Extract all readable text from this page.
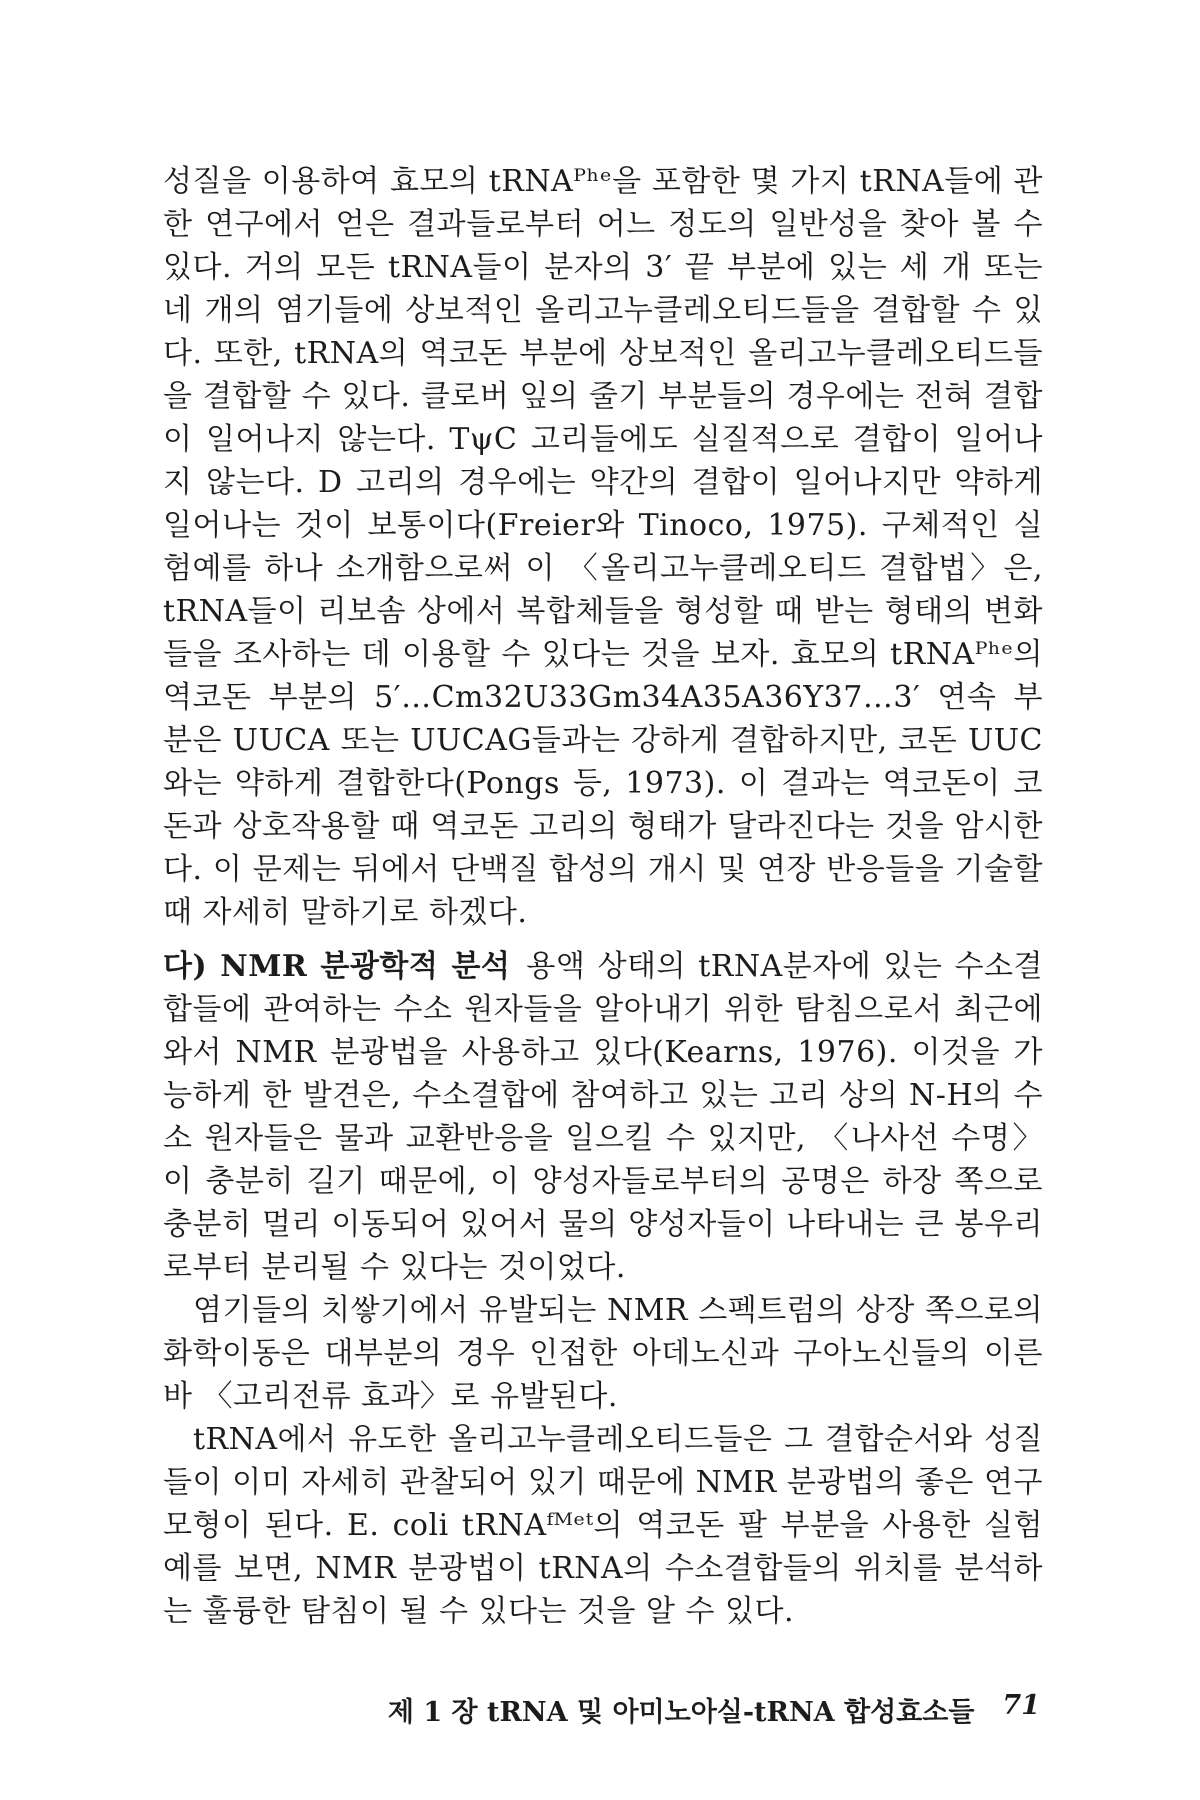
성질을 이용하여 효모의 tRNAᴾʰᵉ을 포함한 몇 가지 tRNA들에 관한 연구에서 얻은 결과들로부터 어느 정도의 일반성을 찾아 볼 수 있다. 거의 모든 tRNA들이 분자의 3′ 끝 부분에 있는 세 개 또는 네 개의 염기들에 상보적인 올리고누클레오티드들을 결합할 수 있다. 또한, tRNA의 역코돈 부분에 상보적인 올리고누클레오티드들을 결합할 수 있다. 클로버 잎의 줄기 부분들의 경우에는 전혀 결합이 일어나지 않는다. TψC 고리들에도 실질적으로 결합이 일어나지 않는다. D 고리의 경우에는 약간의 결합이 일어나지만 약하게 일어나는 것이 보통이다(Freier와 Tinoco, 1975). 구체적인 실험예를 하나 소개함으로써 이 〈올리고누클레오티드 결합법〉은, tRNA들이 리보솜 상에서 복합체들을 형성할 때 받는 형태의 변화들을 조사하는 데 이용할 수 있다는 것을 보자. 효모의 tRNAᴾʰᵉ의 역코돈 부분의 5′…Cm32U33Gm34A35A36Y37…3′ 연속 부분은 UUCA 또는 UUCAG들과는 강하게 결합하지만, 코돈 UUC와는 약하게 결합한다(Pongs 등, 1973). 이 결과는 역코돈이 코돈과 상호작용할 때 역코돈 고리의 형태가 달라진다는 것을 암시한다. 이 문제는 뒤에서 단백질 합성의 개시 및 연장 반응들을 기술할 때 자세히 말하기로 하겠다.

다) NMR 분광학적 분석 용액 상태의 tRNA분자에 있는 수소결합들에 관여하는 수소 원자들을 알아내기 위한 탐침으로서 최근에 와서 NMR 분광법을 사용하고 있다(Kearns, 1976). 이것을 가능하게 한 발견은, 수소결합에 참여하고 있는 고리 상의 N-H의 수소 원자들은 물과 교환반응을 일으킬 수 있지만, 〈나사선 수명〉이 충분히 길기 때문에, 이 양성자들로부터의 공명은 하장 쪽으로 충분히 멀리 이동되어 있어서 물의 양성자들이 나타내는 큰 봉우리로부터 분리될 수 있다는 것이었다.

염기들의 치쌓기에서 유발되는 NMR 스펙트럼의 상장 쪽으로의 화학이동은 대부분의 경우 인접한 아데노신과 구아노신들의 이른바 〈고리전류 효과〉로 유발된다.

tRNA에서 유도한 올리고누클레오티드들은 그 결합순서와 성질들이 이미 자세히 관찰되어 있기 때문에 NMR 분광법의 좋은 연구 모형이 된다. E. coli tRNAᶠᴹᵉᵗ의 역코돈 팔 부분을 사용한 실험 예를 보면, NMR 분광법이 tRNA의 수소결합들의 위치를 분석하는 훌륭한 탐침이 될 수 있다는 것을 알 수 있다.

제 1 장 tRNA 및 아미노아실-tRNA 합성효소들 71
